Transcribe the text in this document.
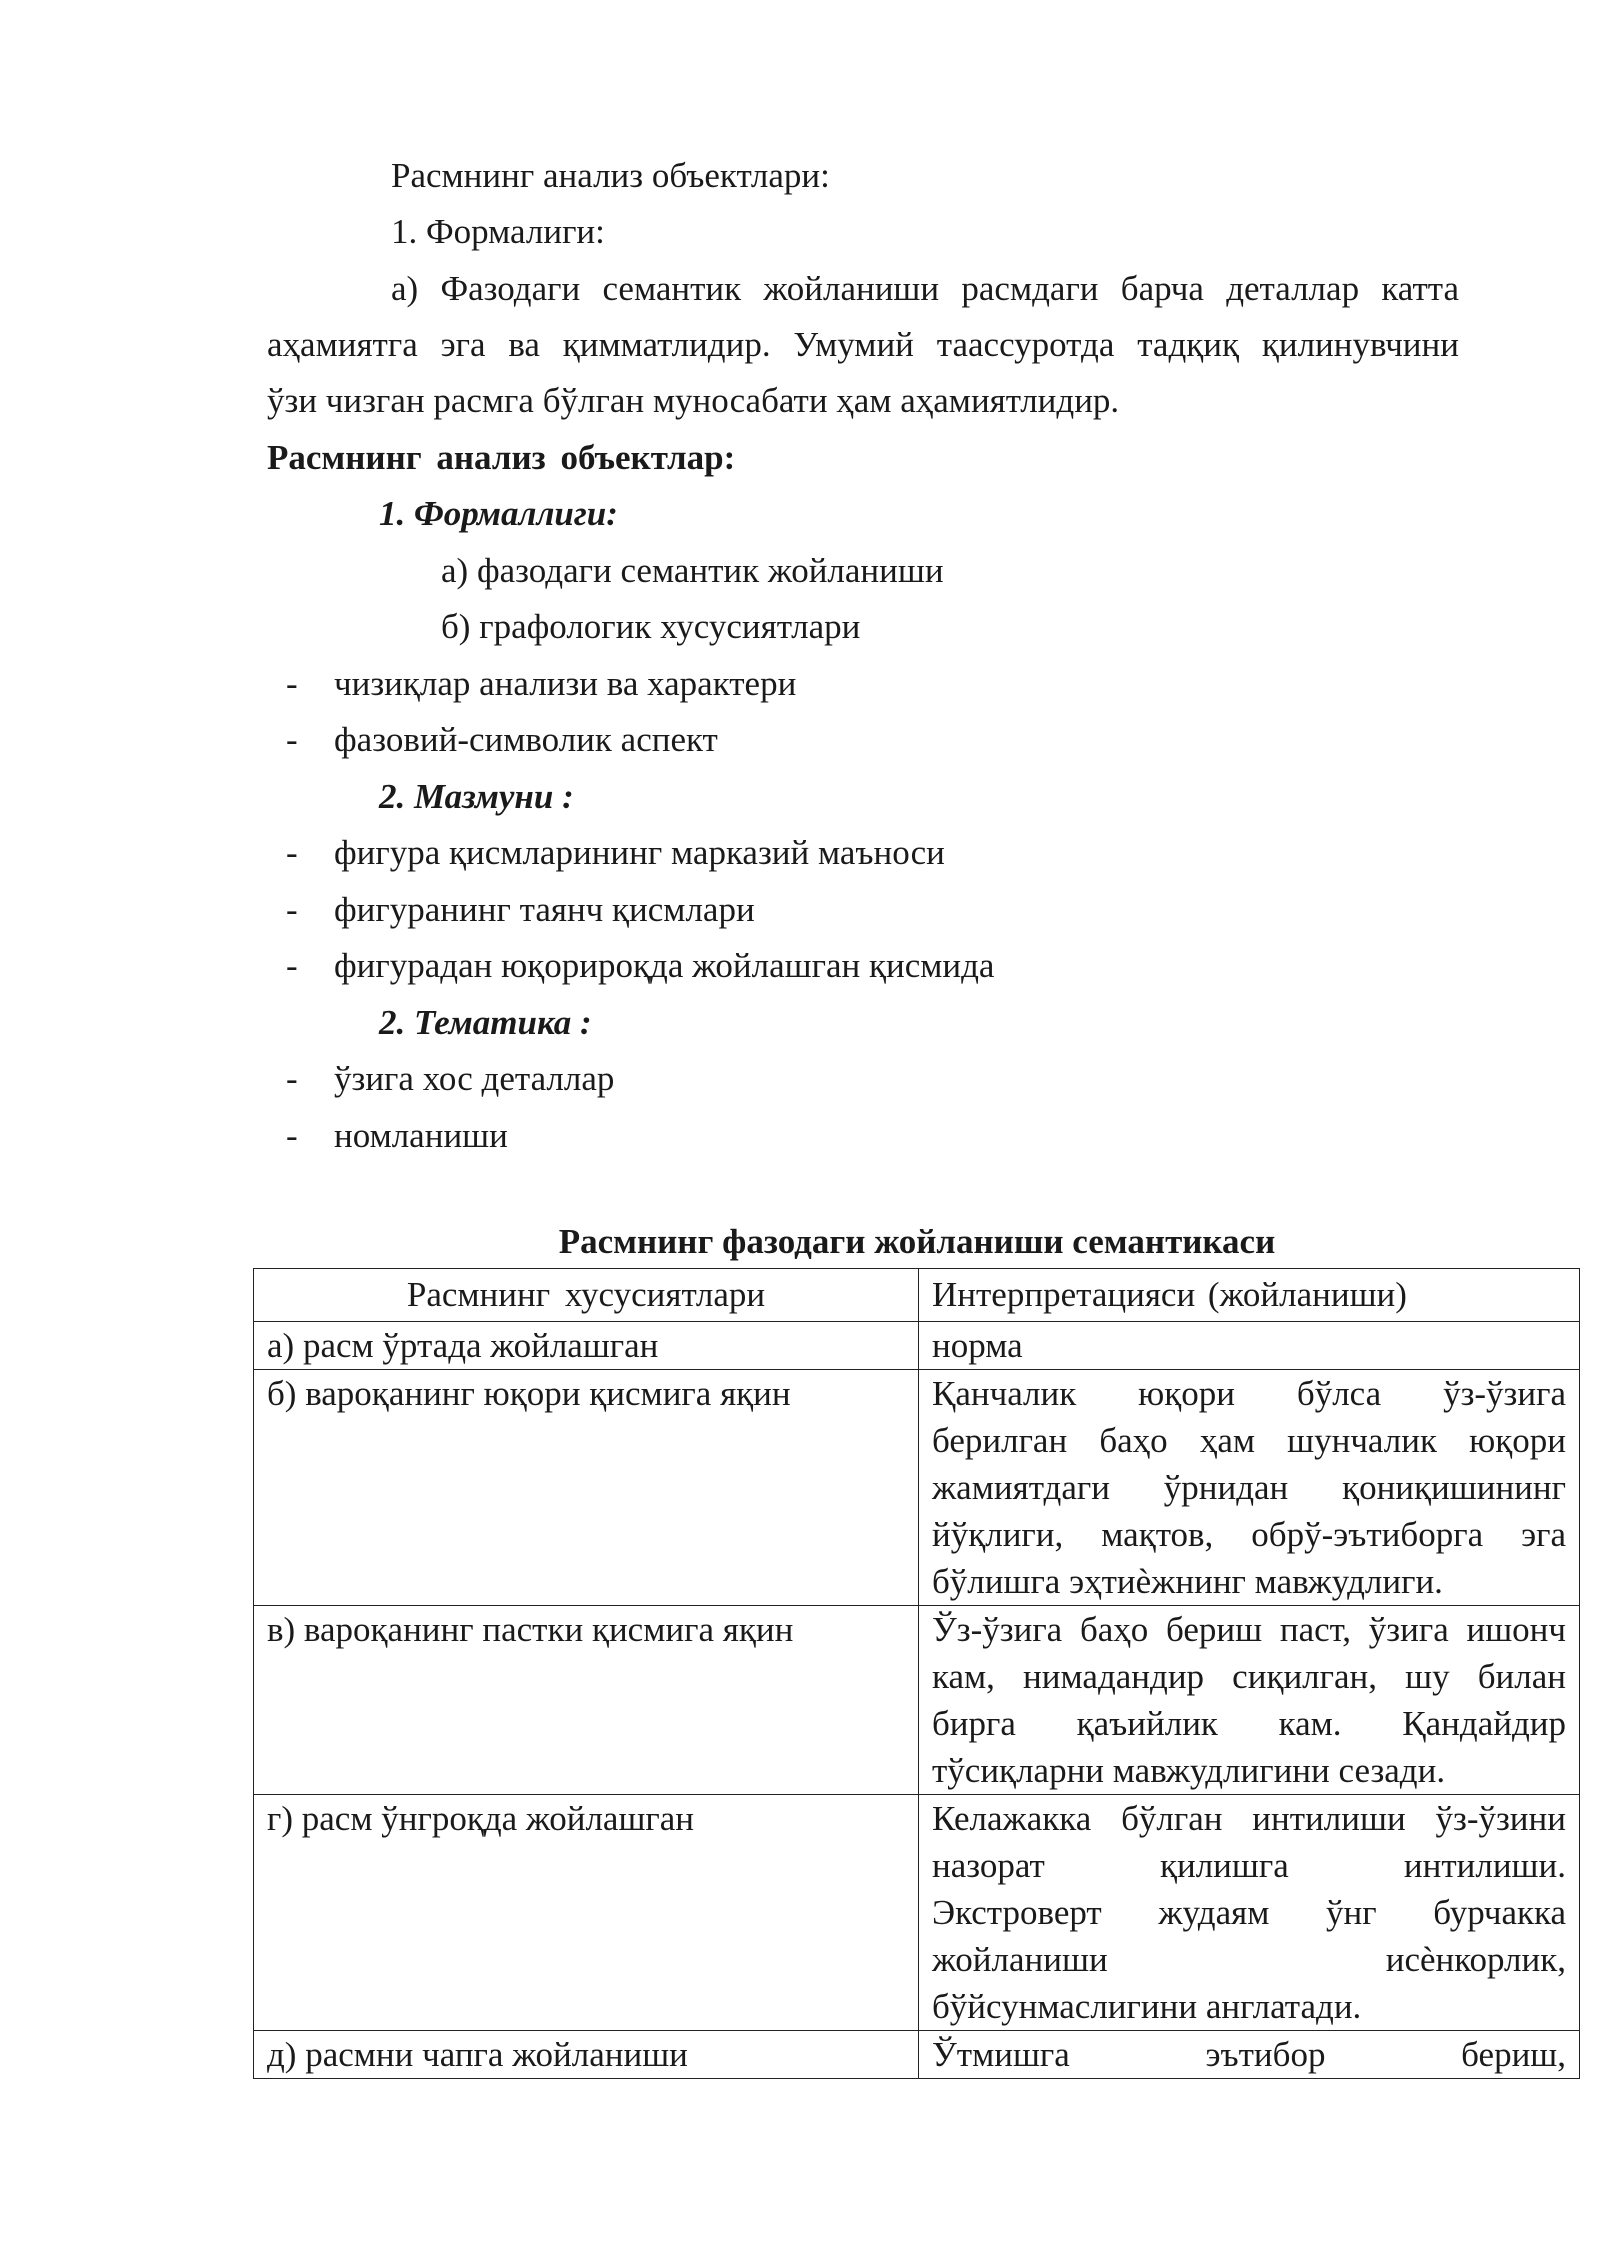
Расмнинг анализ объектлари:
1. Формалиги:
а) Фазодаги семантик жойланиши расмдаги барча деталлар катта
аҳамиятга эга ва қимматлидир. Умумий таассуротда тадқиқ қилинувчини
ўзи чизган расмга бўлган муносабати ҳам аҳамиятлидир.
Расмнинг анализ объектлар:
1. Формаллиги:
а) фазодаги семантик жойланиши
б) графологик хусусиятлари
- чизиқлар анализи ва характери
- фазовий-символик аспект
2. Мазмуни :
- фигура қисмларининг марказий маъноси
- фигуранинг таянч қисмлари
- фигурадан юқорироқда жойлашган қисмида
2. Тематика :
- ўзига хос деталлар
- номланиши
Расмнинг фазодаги жойланиши семантикаси
Расмнинг хусусиятлари	Интерпретацияси (жойланиши)
а) расм ўртада жойлашган	норма

б) вароқанинг юқори қисмига яқин	Қанчалик юқори бўлса ўз-ўзига
берилган баҳо ҳам шунчалик юқори
жамиятдаги ўрнидан қониқишининг
йўқлиги, мақтов, обрў-эътиборга эга
бўлишга эҳтиѐжнинг мавжудлиги.

в) вароқанинг пастки қисмига яқин	Ўз-ўзига баҳо бериш паст, ўзига ишонч
кам, нимадандир сиқилган, шу билан
бирга қаъийлик кам. Қандайдир
тўсиқларни мавжудлигини сезади.

г) расм ўнгроқда жойлашган	Келажакка бўлган интилиши ўз-ўзини
назорат қилишга интилиши.
Экстроверт жудаям ўнг бурчакка
жойланиши исѐнкорлик,
бўйсунмаслигини англатади.

д) расмни чапга жойланиши	Ўтмишга эътибор бериш,
